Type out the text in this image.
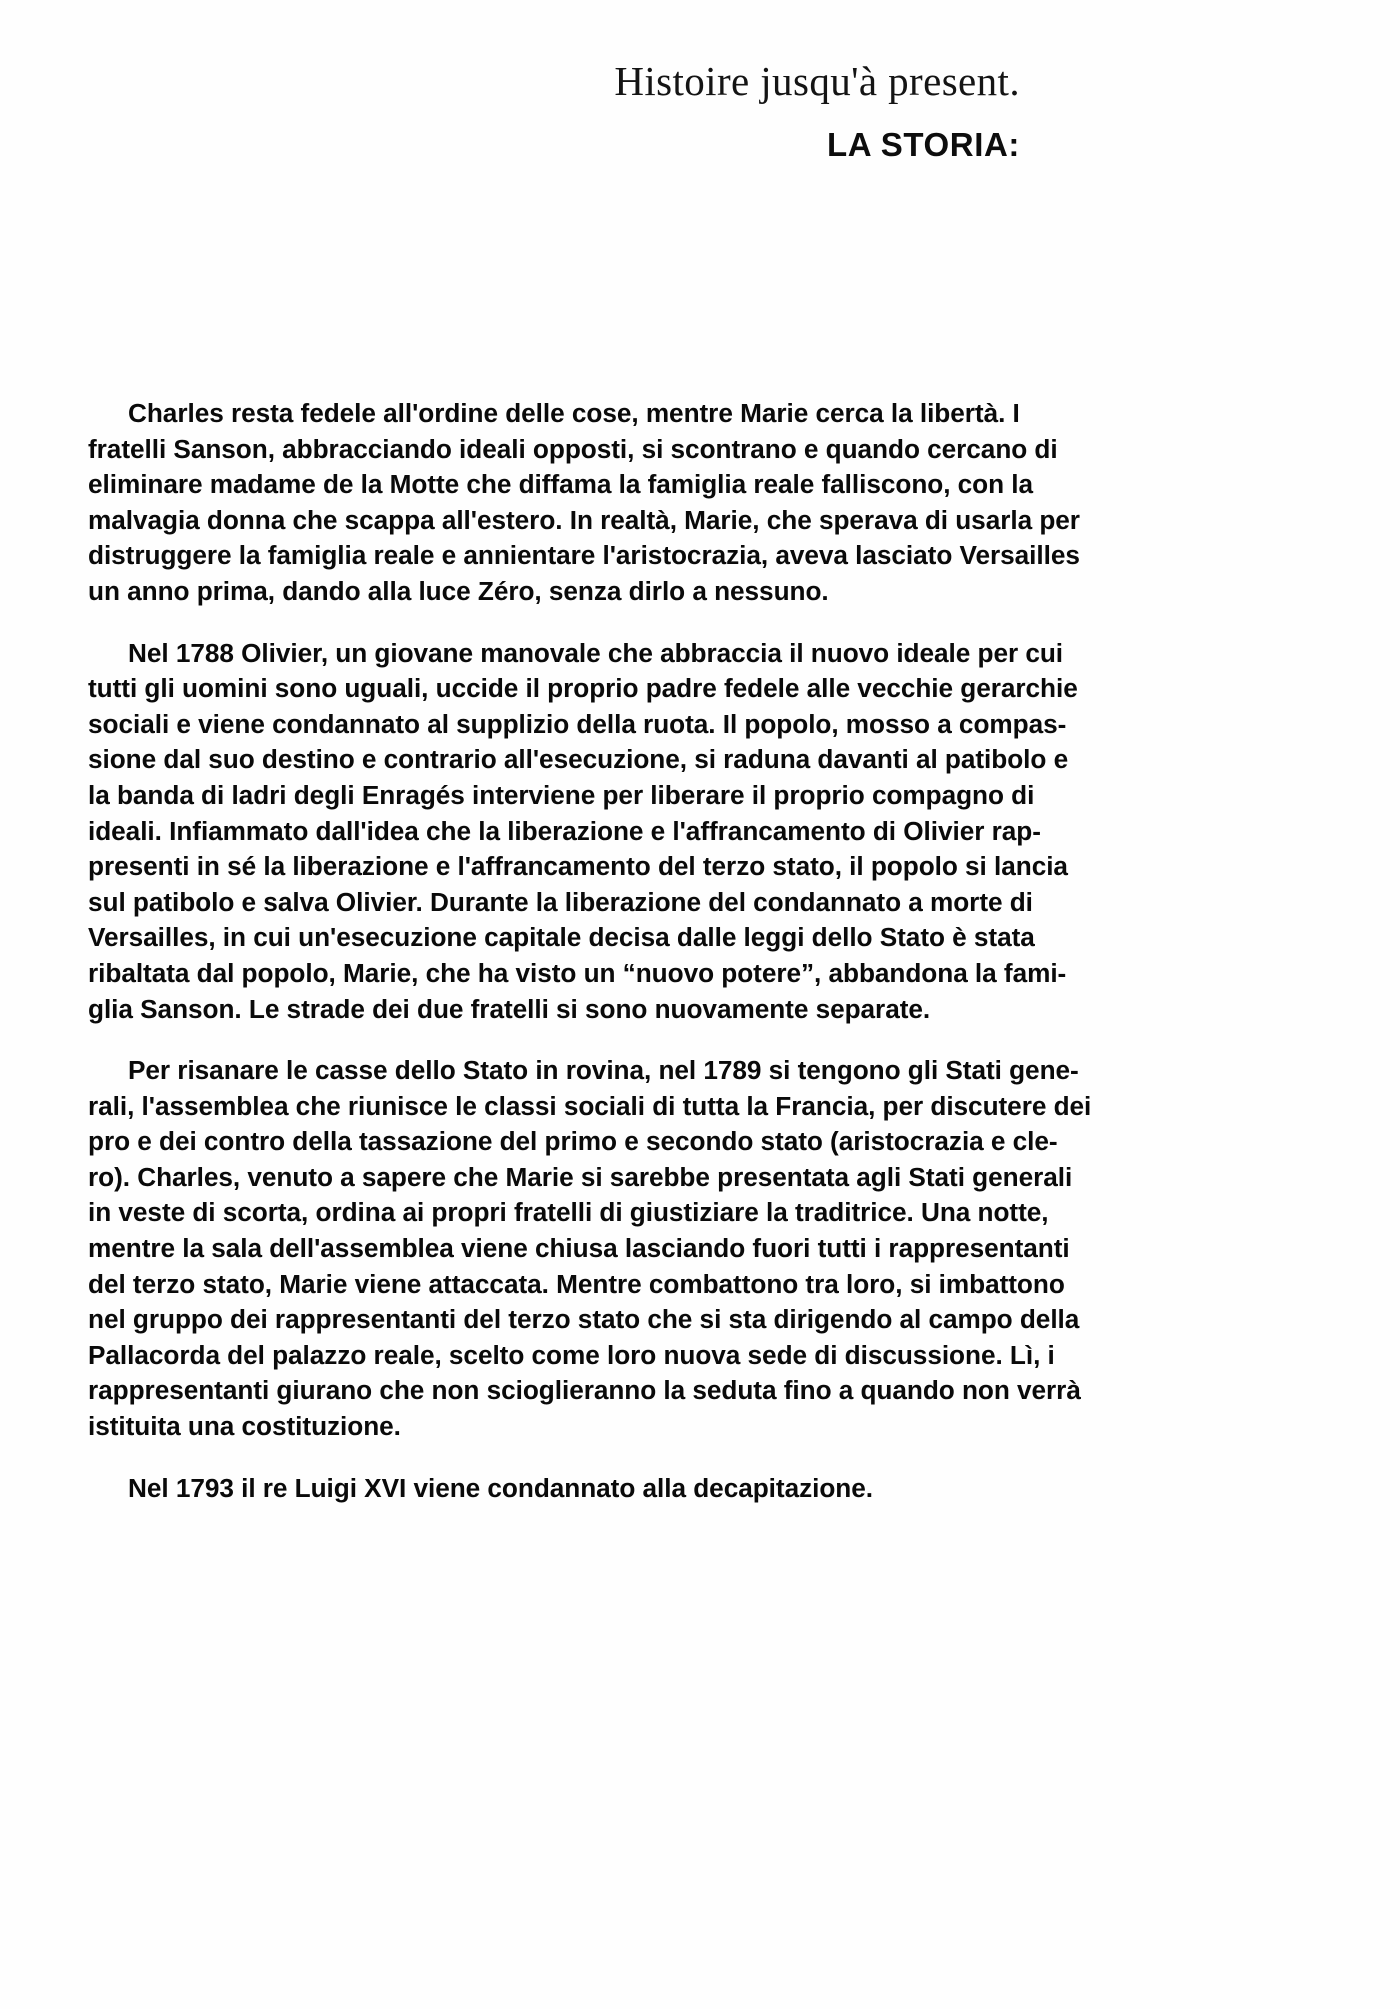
Histoire jusqu'à present.
LA STORIA:

Charles resta fedele all'ordine delle cose, mentre Marie cerca la libertà. I
fratelli Sanson, abbracciando ideali opposti, si scontrano e quando cercano di
eliminare madame de la Motte che diffama la famiglia reale falliscono, con la
malvagia donna che scappa all'estero. In realtà, Marie, che sperava di usarla per
distruggere la famiglia reale e annientare l'aristocrazia, aveva lasciato Versailles
un anno prima, dando alla luce Zéro, senza dirlo a nessuno.

Nel 1788 Olivier, un giovane manovale che abbraccia il nuovo ideale per cui
tutti gli uomini sono uguali, uccide il proprio padre fedele alle vecchie gerarchie
sociali e viene condannato al supplizio della ruota. Il popolo, mosso a compas-
sione dal suo destino e contrario all'esecuzione, si raduna davanti al patibolo e
la banda di ladri degli Enragés interviene per liberare il proprio compagno di
ideali. Infiammato dall'idea che la liberazione e l'affrancamento di Olivier rap-
presenti in sé la liberazione e l'affrancamento del terzo stato, il popolo si lancia
sul patibolo e salva Olivier. Durante la liberazione del condannato a morte di
Versailles, in cui un'esecuzione capitale decisa dalle leggi dello Stato è stata
ribaltata dal popolo, Marie, che ha visto un “nuovo potere”, abbandona la fami-
glia Sanson. Le strade dei due fratelli si sono nuovamente separate.

Per risanare le casse dello Stato in rovina, nel 1789 si tengono gli Stati gene-
rali, l'assemblea che riunisce le classi sociali di tutta la Francia, per discutere dei
pro e dei contro della tassazione del primo e secondo stato (aristocrazia e cle-
ro). Charles, venuto a sapere che Marie si sarebbe presentata agli Stati generali
in veste di scorta, ordina ai propri fratelli di giustiziare la traditrice. Una notte,
mentre la sala dell'assemblea viene chiusa lasciando fuori tutti i rappresentanti
del terzo stato, Marie viene attaccata. Mentre combattono tra loro, si imbattono
nel gruppo dei rappresentanti del terzo stato che si sta dirigendo al campo della
Pallacorda del palazzo reale, scelto come loro nuova sede di discussione. Lì, i
rappresentanti giurano che non scioglieranno la seduta fino a quando non verrà
istituita una costituzione.

Nel 1793 il re Luigi XVI viene condannato alla decapitazione.
